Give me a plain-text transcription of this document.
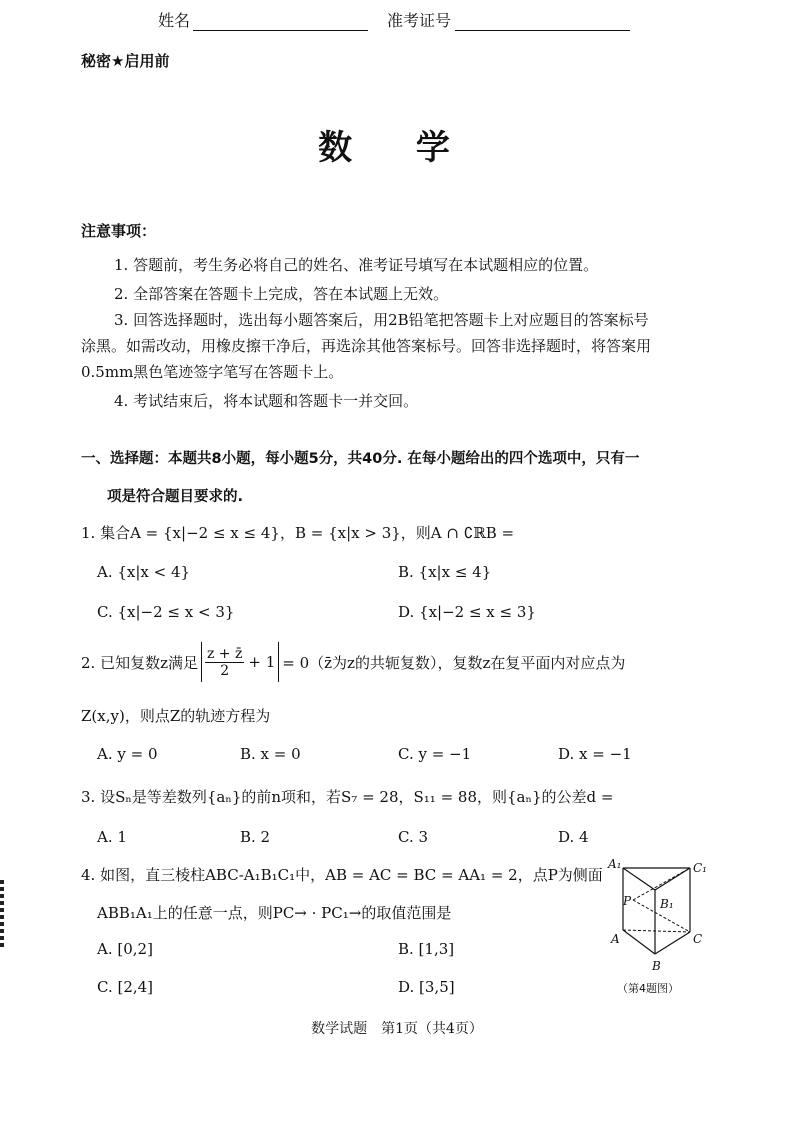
姓名	准考证号
秘密★启用前
数 学
注意事项：
1. 答题前，考生务必将自己的姓名、准考证号填写在本试题相应的位置。
2. 全部答案在答题卡上完成，答在本试题上无效。
3. 回答选择题时，选出每小题答案后，用2B铅笔把答题卡上对应题目的答案标号
涂黑。如需改动，用橡皮擦干净后，再选涂其他答案标号。回答非选择题时，将答案用
0.5mm黑色笔迹签字笔写在答题卡上。
4. 考试结束后，将本试题和答题卡一并交回。
一、选择题：本题共8小题，每小题5分，共40分. 在每小题给出的四个选项中，只有一
项是符合题目要求的.
1. 集合A = {x|−2 ≤ x ≤ 4}，B = {x|x > 3}，则A ∩ ∁ℝB =
A. {x|x < 4}	B. {x|x ≤ 4}
C. {x|−2 ≤ x < 3}	D. {x|−2 ≤ x ≤ 3}
2. 已知复数z满足 $\frac{z + z̄}{2} + 1$ = 0（z̄为z的共轭复数），复数z在复平面内对应点为
Z(x,y)，则点Z的轨迹方程为
A. y = 0	B. x = 0	C. y = −1	D. x = −1
3. 设Sₙ是等差数列{aₙ}的前n项和，若S₇ = 28，S₁₁ = 88，则{aₙ}的公差d =
A. 1	B. 2	C. 3	D. 4
4. 如图，直三棱柱ABC-A₁B₁C₁中，AB = AC = BC = AA₁ = 2，点P为侧面
ABB₁A₁上的任意一点，则PC→ · PC₁→的取值范围是
A. [0,2]	B. [1,3]
C. [2,4]	D. [3,5]
A₁	C₁
P B₁
A	C
B
（第4题图）
数学试题　第1页（共4页）
